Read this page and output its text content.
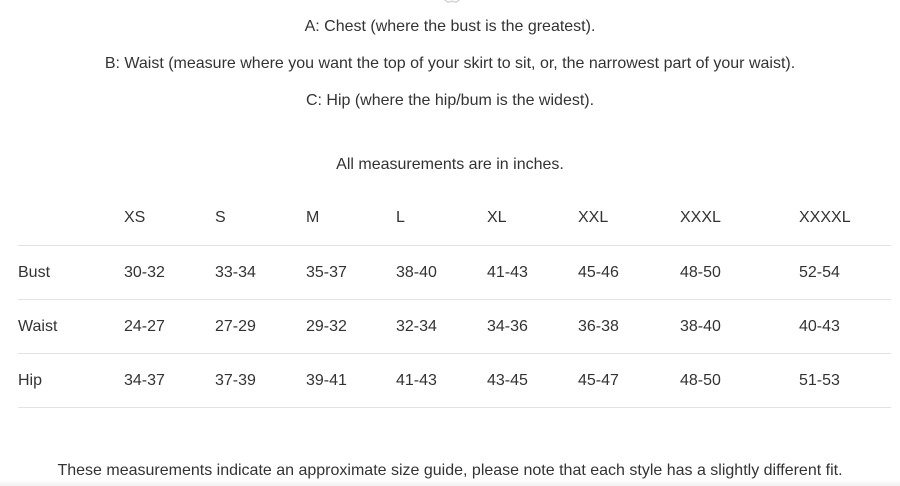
A: Chest (where the bust is the greatest).
B: Waist (measure where you want the top of your skirt to sit, or, the narrowest part of your waist).
C: Hip (where the hip/bum is the widest).
All measurements are in inches.
	XS	S	M	L	XL	XXL	XXXL	XXXXL	
Bust	30-32	33-34	35-37	38-40	41-43	45-46	48-50	52-54	
Waist	24-27	27-29	29-32	32-34	34-36	36-38	38-40	40-43	
Hip	34-37	37-39	39-41	41-43	43-45	45-47	48-50	51-53	
These measurements indicate an approximate size guide, please note that each style has a slightly different fit.
